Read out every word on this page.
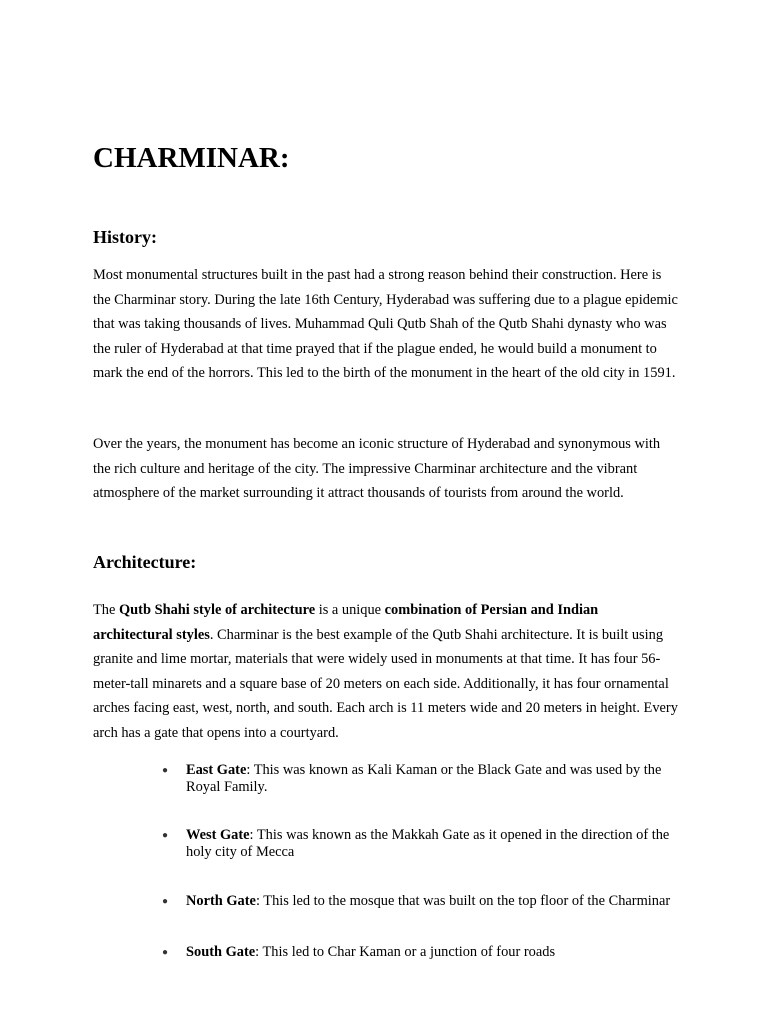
CHARMINAR:
History:

Most monumental structures built in the past had a strong reason behind their construction. Here is the Charminar story. During the late 16th Century, Hyderabad was suffering due to a plague epidemic that was taking thousands of lives. Muhammad Quli Qutb Shah of the Qutb Shahi dynasty who was the ruler of Hyderabad at that time prayed that if the plague ended, he would build a monument to mark the end of the horrors. This led to the birth of the monument in the heart of the old city in 1591.

Over the years, the monument has become an iconic structure of Hyderabad and synonymous with the rich culture and heritage of the city. The impressive Charminar architecture and the vibrant atmosphere of the market surrounding it attract thousands of tourists from around the world.

Architecture:

The Qutb Shahi style of architecture is a unique combination of Persian and Indian architectural styles. Charminar is the best example of the Qutb Shahi architecture. It is built using granite and lime mortar, materials that were widely used in monuments at that time. It has four 56-meter-tall minarets and a square base of 20 meters on each side. Additionally, it has four ornamental arches facing east, west, north, and south. Each arch is 11 meters wide and 20 meters in height. Every arch has a gate that opens into a courtyard.

● East Gate: This was known as Kali Kaman or the Black Gate and was used by the Royal Family.
● West Gate: This was known as the Makkah Gate as it opened in the direction of the holy city of Mecca
● North Gate: This led to the mosque that was built on the top floor of the Charminar
● South Gate: This led to Char Kaman or a junction of four roads
